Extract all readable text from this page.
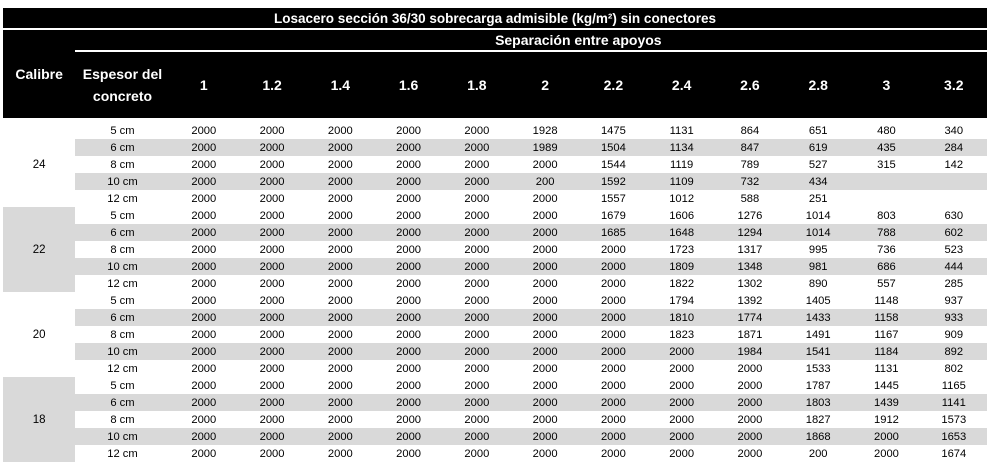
Losacero sección 36/30 sobrecarga admisible (kg/m²) sin conectores													
Calibre		Separación entre apoyos											
	Espesor del concreto	1	1.2	1.4	1.6	1.8	2	2.2	2.4	2.6	2.8	3	3.2

24	5 cm	2000	2000	2000	2000	2000	1928	1475	1131	864	651	480	340
	6 cm	2000	2000	2000	2000	2000	1989	1504	1134	847	619	435	284
	8 cm	2000	2000	2000	2000	2000	2000	1544	1119	789	527	315	142
	10 cm	2000	2000	2000	2000	2000	200	1592	1109	732	434		
	12 cm	2000	2000	2000	2000	2000	2000	1557	1012	588	251		
22	5 cm	2000	2000	2000	2000	2000	2000	1679	1606	1276	1014	803	630
	6 cm	2000	2000	2000	2000	2000	2000	1685	1648	1294	1014	788	602
	8 cm	2000	2000	2000	2000	2000	2000	2000	1723	1317	995	736	523
	10 cm	2000	2000	2000	2000	2000	2000	2000	1809	1348	981	686	444
	12 cm	2000	2000	2000	2000	2000	2000	2000	1822	1302	890	557	285
20	5 cm	2000	2000	2000	2000	2000	2000	2000	1794	1392	1405	1148	937
	6 cm	2000	2000	2000	2000	2000	2000	2000	1810	1774	1433	1158	933
	8 cm	2000	2000	2000	2000	2000	2000	2000	1823	1871	1491	1167	909
	10 cm	2000	2000	2000	2000	2000	2000	2000	2000	1984	1541	1184	892
	12 cm	2000	2000	2000	2000	2000	2000	2000	2000	2000	1533	1131	802
18	5 cm	2000	2000	2000	2000	2000	2000	2000	2000	2000	1787	1445	1165
	6 cm	2000	2000	2000	2000	2000	2000	2000	2000	2000	1803	1439	1141
	8 cm	2000	2000	2000	2000	2000	2000	2000	2000	2000	1827	1912	1573
	10 cm	2000	2000	2000	2000	2000	2000	2000	2000	2000	1868	2000	1653
	12 cm	2000	2000	2000	2000	2000	2000	2000	2000	2000	200	2000	1674
